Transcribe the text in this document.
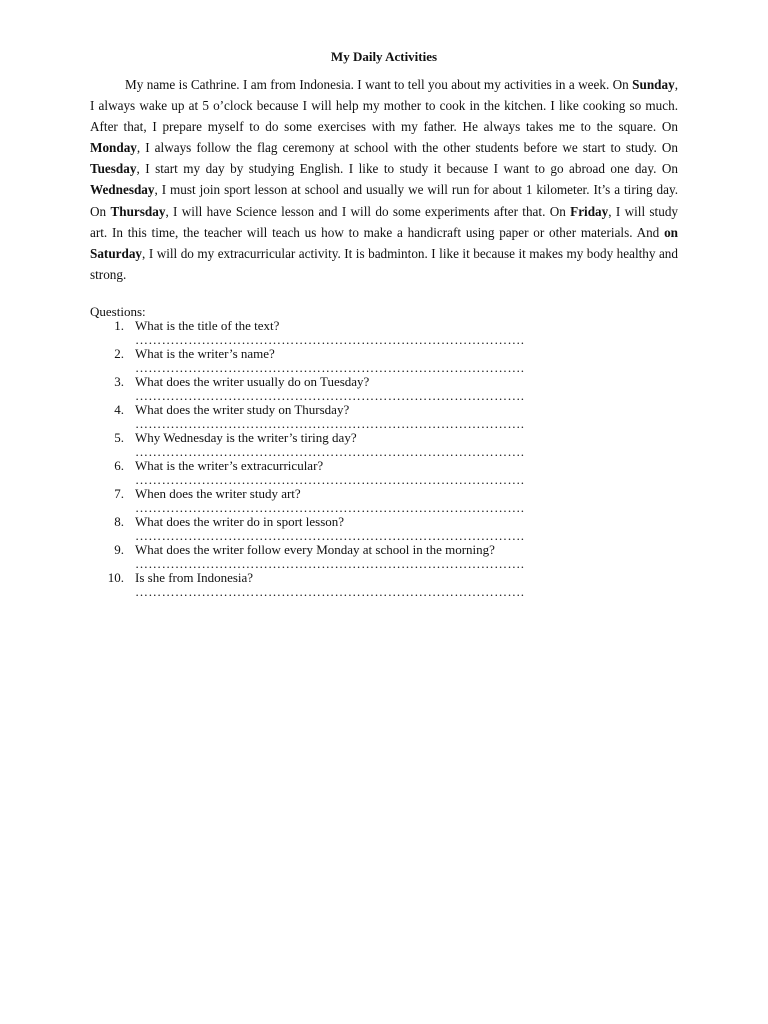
My Daily Activities

My name is Cathrine. I am from Indonesia. I want to tell you about my activities in a week. On Sunday, I always wake up at 5 o’clock because I will help my mother to cook in the kitchen. I like cooking so much. After that, I prepare myself to do some exercises with my father. He always takes me to the square. On Monday, I always follow the flag ceremony at school with the other students before we start to study. On Tuesday, I start my day by studying English. I like to study it because I want to go abroad one day. On Wednesday, I must join sport lesson at school and usually we will run for about 1 kilometer. It’s a tiring day. On Thursday, I will have Science lesson and I will do some experiments after that. On Friday, I will study art. In this time, the teacher will teach us how to make a handicraft using paper or other materials. And on Saturday, I will do my extracurricular activity. It is badminton. I like it because it makes my body healthy and strong.

Questions:
1. What is the title of the text?
…………………………………………………………………………….
2. What is the writer’s name?
…………………………………………………………………………….
3. What does the writer usually do on Tuesday?
…………………………………………………………………………….
4. What does the writer study on Thursday?
…………………………………………………………………………….
5. Why Wednesday is the writer’s tiring day?
…………………………………………………………………………….
6. What is the writer’s extracurricular?
…………………………………………………………………………….
7. When does the writer study art?
…………………………………………………………………………….
8. What does the writer do in sport lesson?
…………………………………………………………………………….
9. What does the writer follow every Monday at school in the morning?
…………………………………………………………………………….
10. Is she from Indonesia?
…………………………………………………………………………….
